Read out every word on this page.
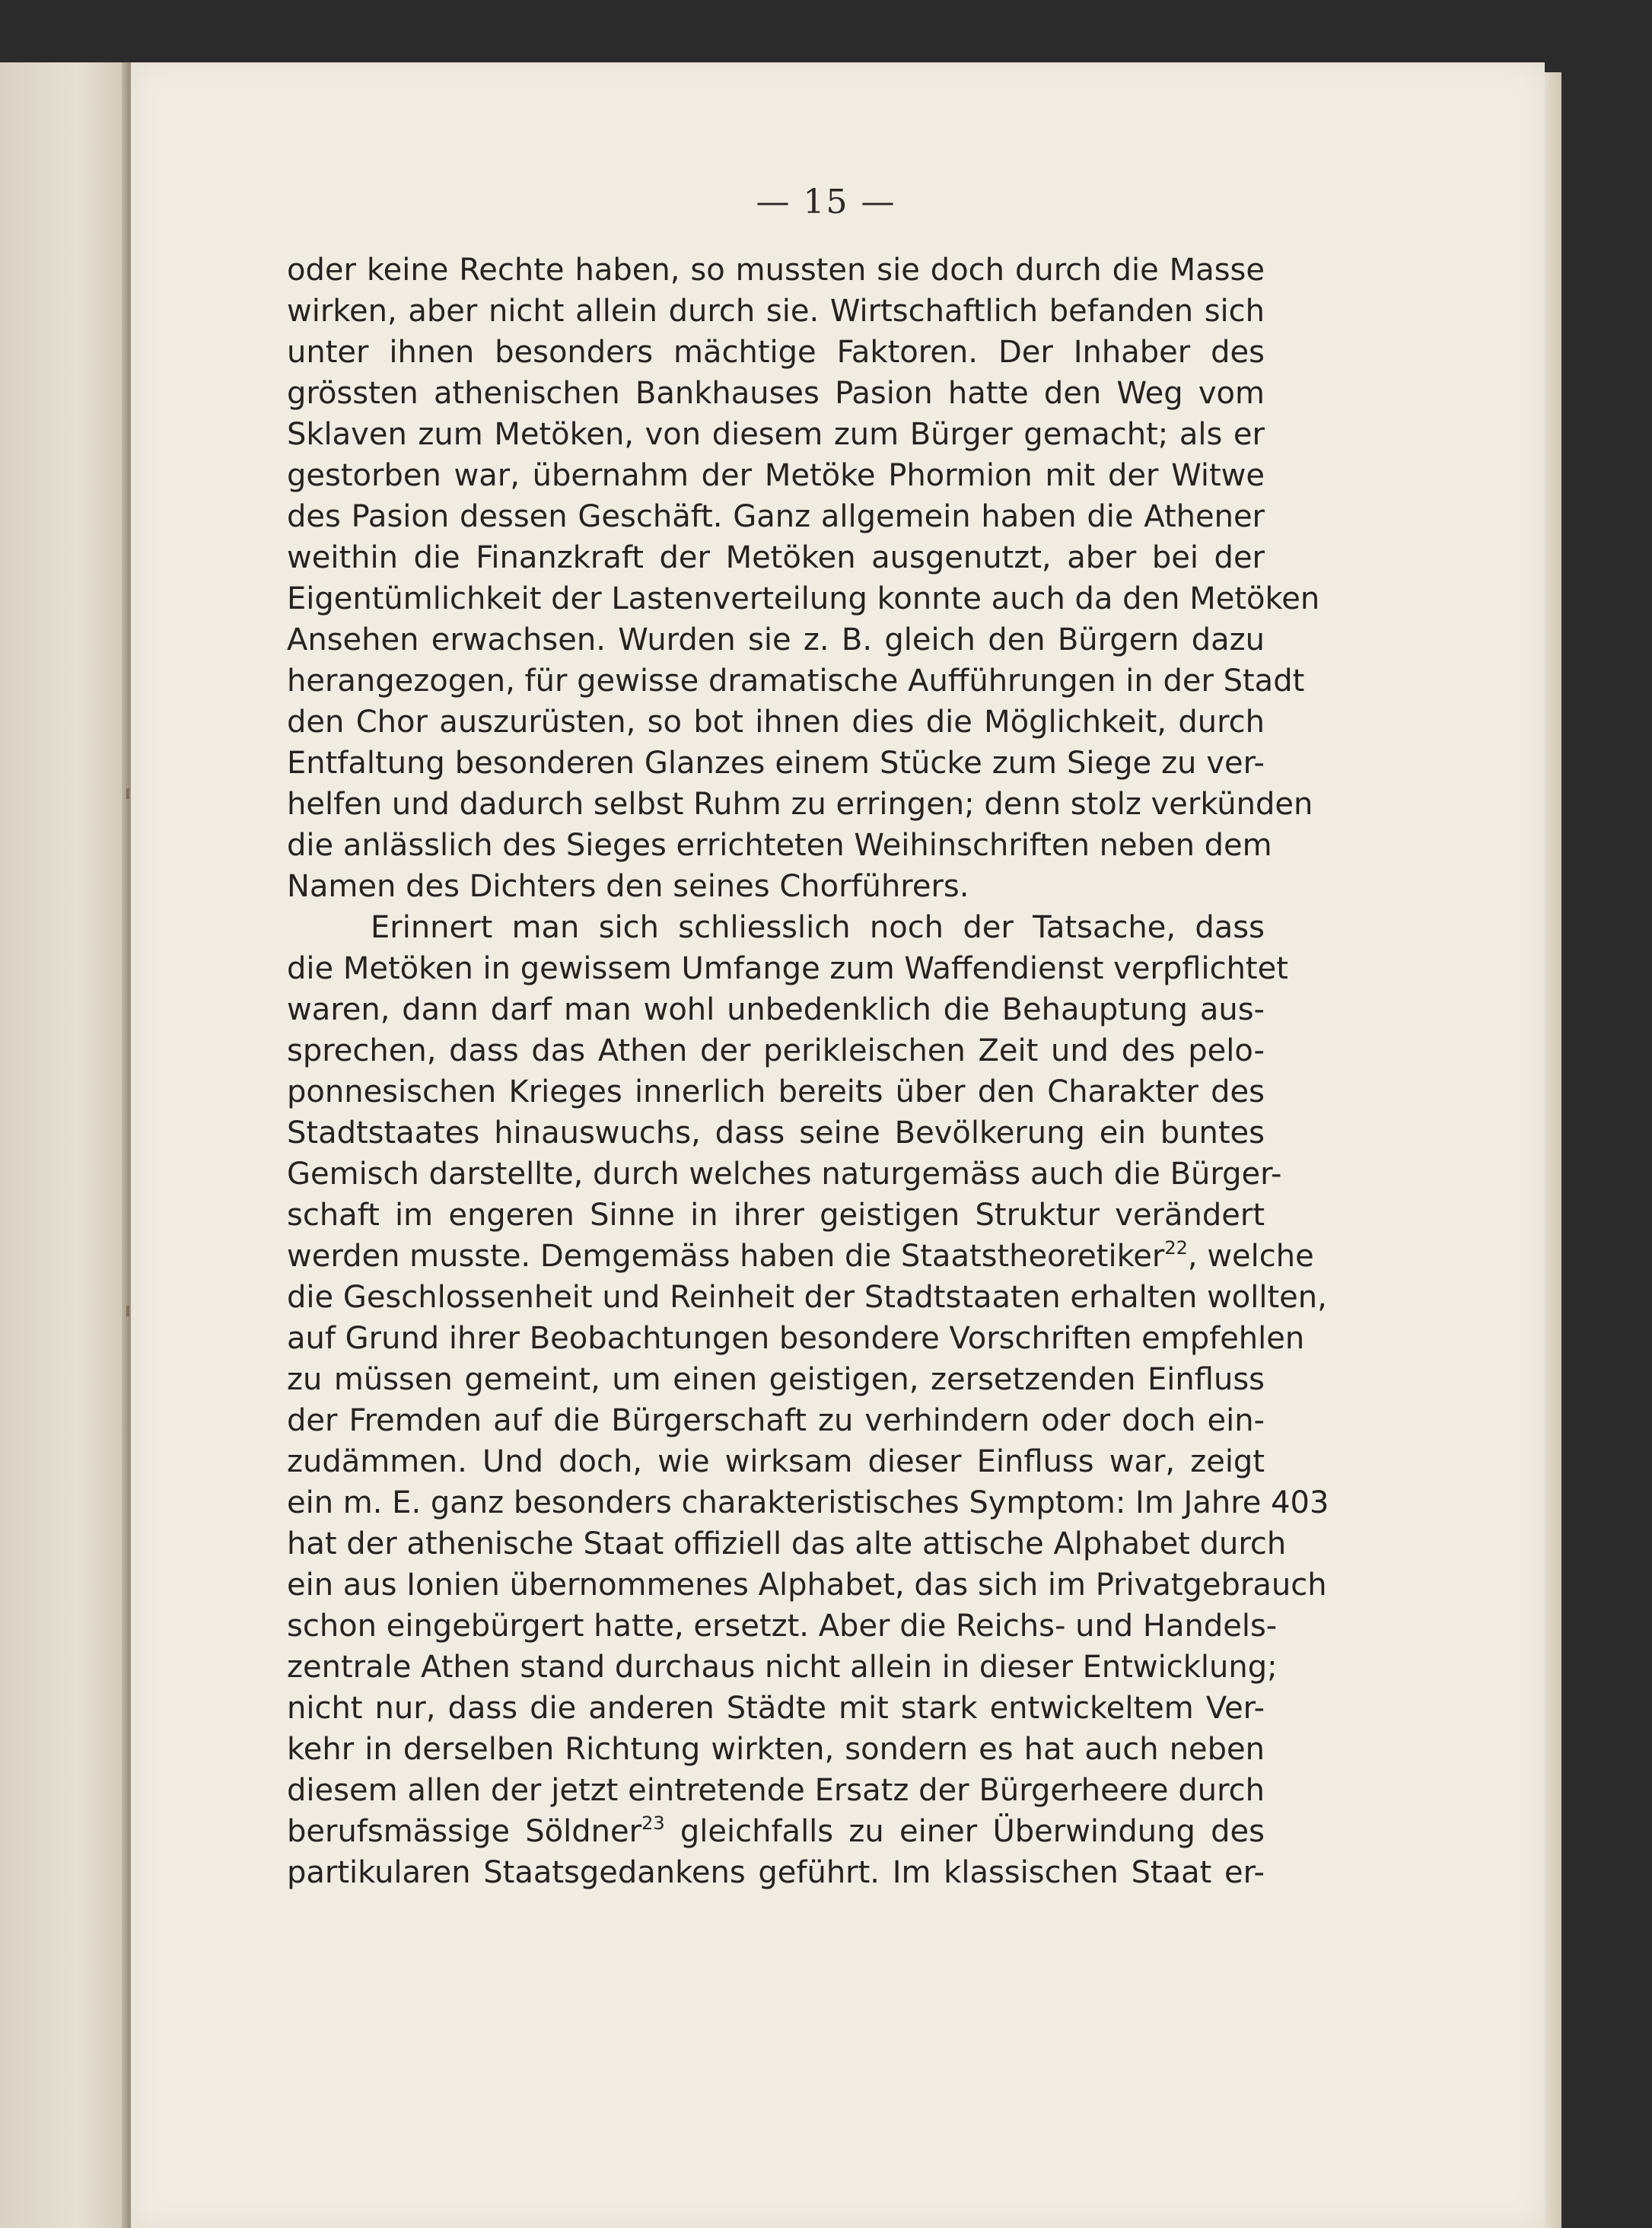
— 15 —

oder keine Rechte haben, so mussten sie doch durch die Masse

wirken, aber nicht allein durch sie. Wirtschaftlich befanden sich

unter ihnen besonders mächtige Faktoren. Der Inhaber des

grössten athenischen Bankhauses Pasion hatte den Weg vom

Sklaven zum Metöken, von diesem zum Bürger gemacht; als er

gestorben war, übernahm der Metöke Phormion mit der Witwe

des Pasion dessen Geschäft. Ganz allgemein haben die Athener

weithin die Finanzkraft der Metöken ausgenutzt, aber bei der

Eigentümlichkeit der Lastenverteilung konnte auch da den Metöken

Ansehen erwachsen. Wurden sie z. B. gleich den Bürgern dazu

herangezogen, für gewisse dramatische Aufführungen in der Stadt

den Chor auszurüsten, so bot ihnen dies die Möglichkeit, durch

Entfaltung besonderen Glanzes einem Stücke zum Siege zu ver-

helfen und dadurch selbst Ruhm zu erringen; denn stolz verkünden

die anlässlich des Sieges errichteten Weihinschriften neben dem

Namen des Dichters den seines Chorführers.

Erinnert man sich schliesslich noch der Tatsache, dass

die Metöken in gewissem Umfange zum Waffendienst verpflichtet

waren, dann darf man wohl unbedenklich die Behauptung aus-

sprechen, dass das Athen der perikleischen Zeit und des pelo-

ponnesischen Krieges innerlich bereits über den Charakter des

Stadtstaates hinauswuchs, dass seine Bevölkerung ein buntes

Gemisch darstellte, durch welches naturgemäss auch die Bürger-

schaft im engeren Sinne in ihrer geistigen Struktur verändert

werden musste. Demgemäss haben die Staatstheoretiker$^{22}$, welche

die Geschlossenheit und Reinheit der Stadtstaaten erhalten wollten,

auf Grund ihrer Beobachtungen besondere Vorschriften empfehlen

zu müssen gemeint, um einen geistigen, zersetzenden Einfluss

der Fremden auf die Bürgerschaft zu verhindern oder doch ein-

zudämmen. Und doch, wie wirksam dieser Einfluss war, zeigt

ein m. E. ganz besonders charakteristisches Symptom: Im Jahre 403

hat der athenische Staat offiziell das alte attische Alphabet durch

ein aus Ionien übernommenes Alphabet, das sich im Privatgebrauch

schon eingebürgert hatte, ersetzt. Aber die Reichs- und Handels-

zentrale Athen stand durchaus nicht allein in dieser Entwicklung;

nicht nur, dass die anderen Städte mit stark entwickeltem Ver-

kehr in derselben Richtung wirkten, sondern es hat auch neben

diesem allen der jetzt eintretende Ersatz der Bürgerheere durch

berufsmässige Söldner$^{23}$ gleichfalls zu einer Überwindung des

partikularen Staatsgedankens geführt. Im klassischen Staat er-
